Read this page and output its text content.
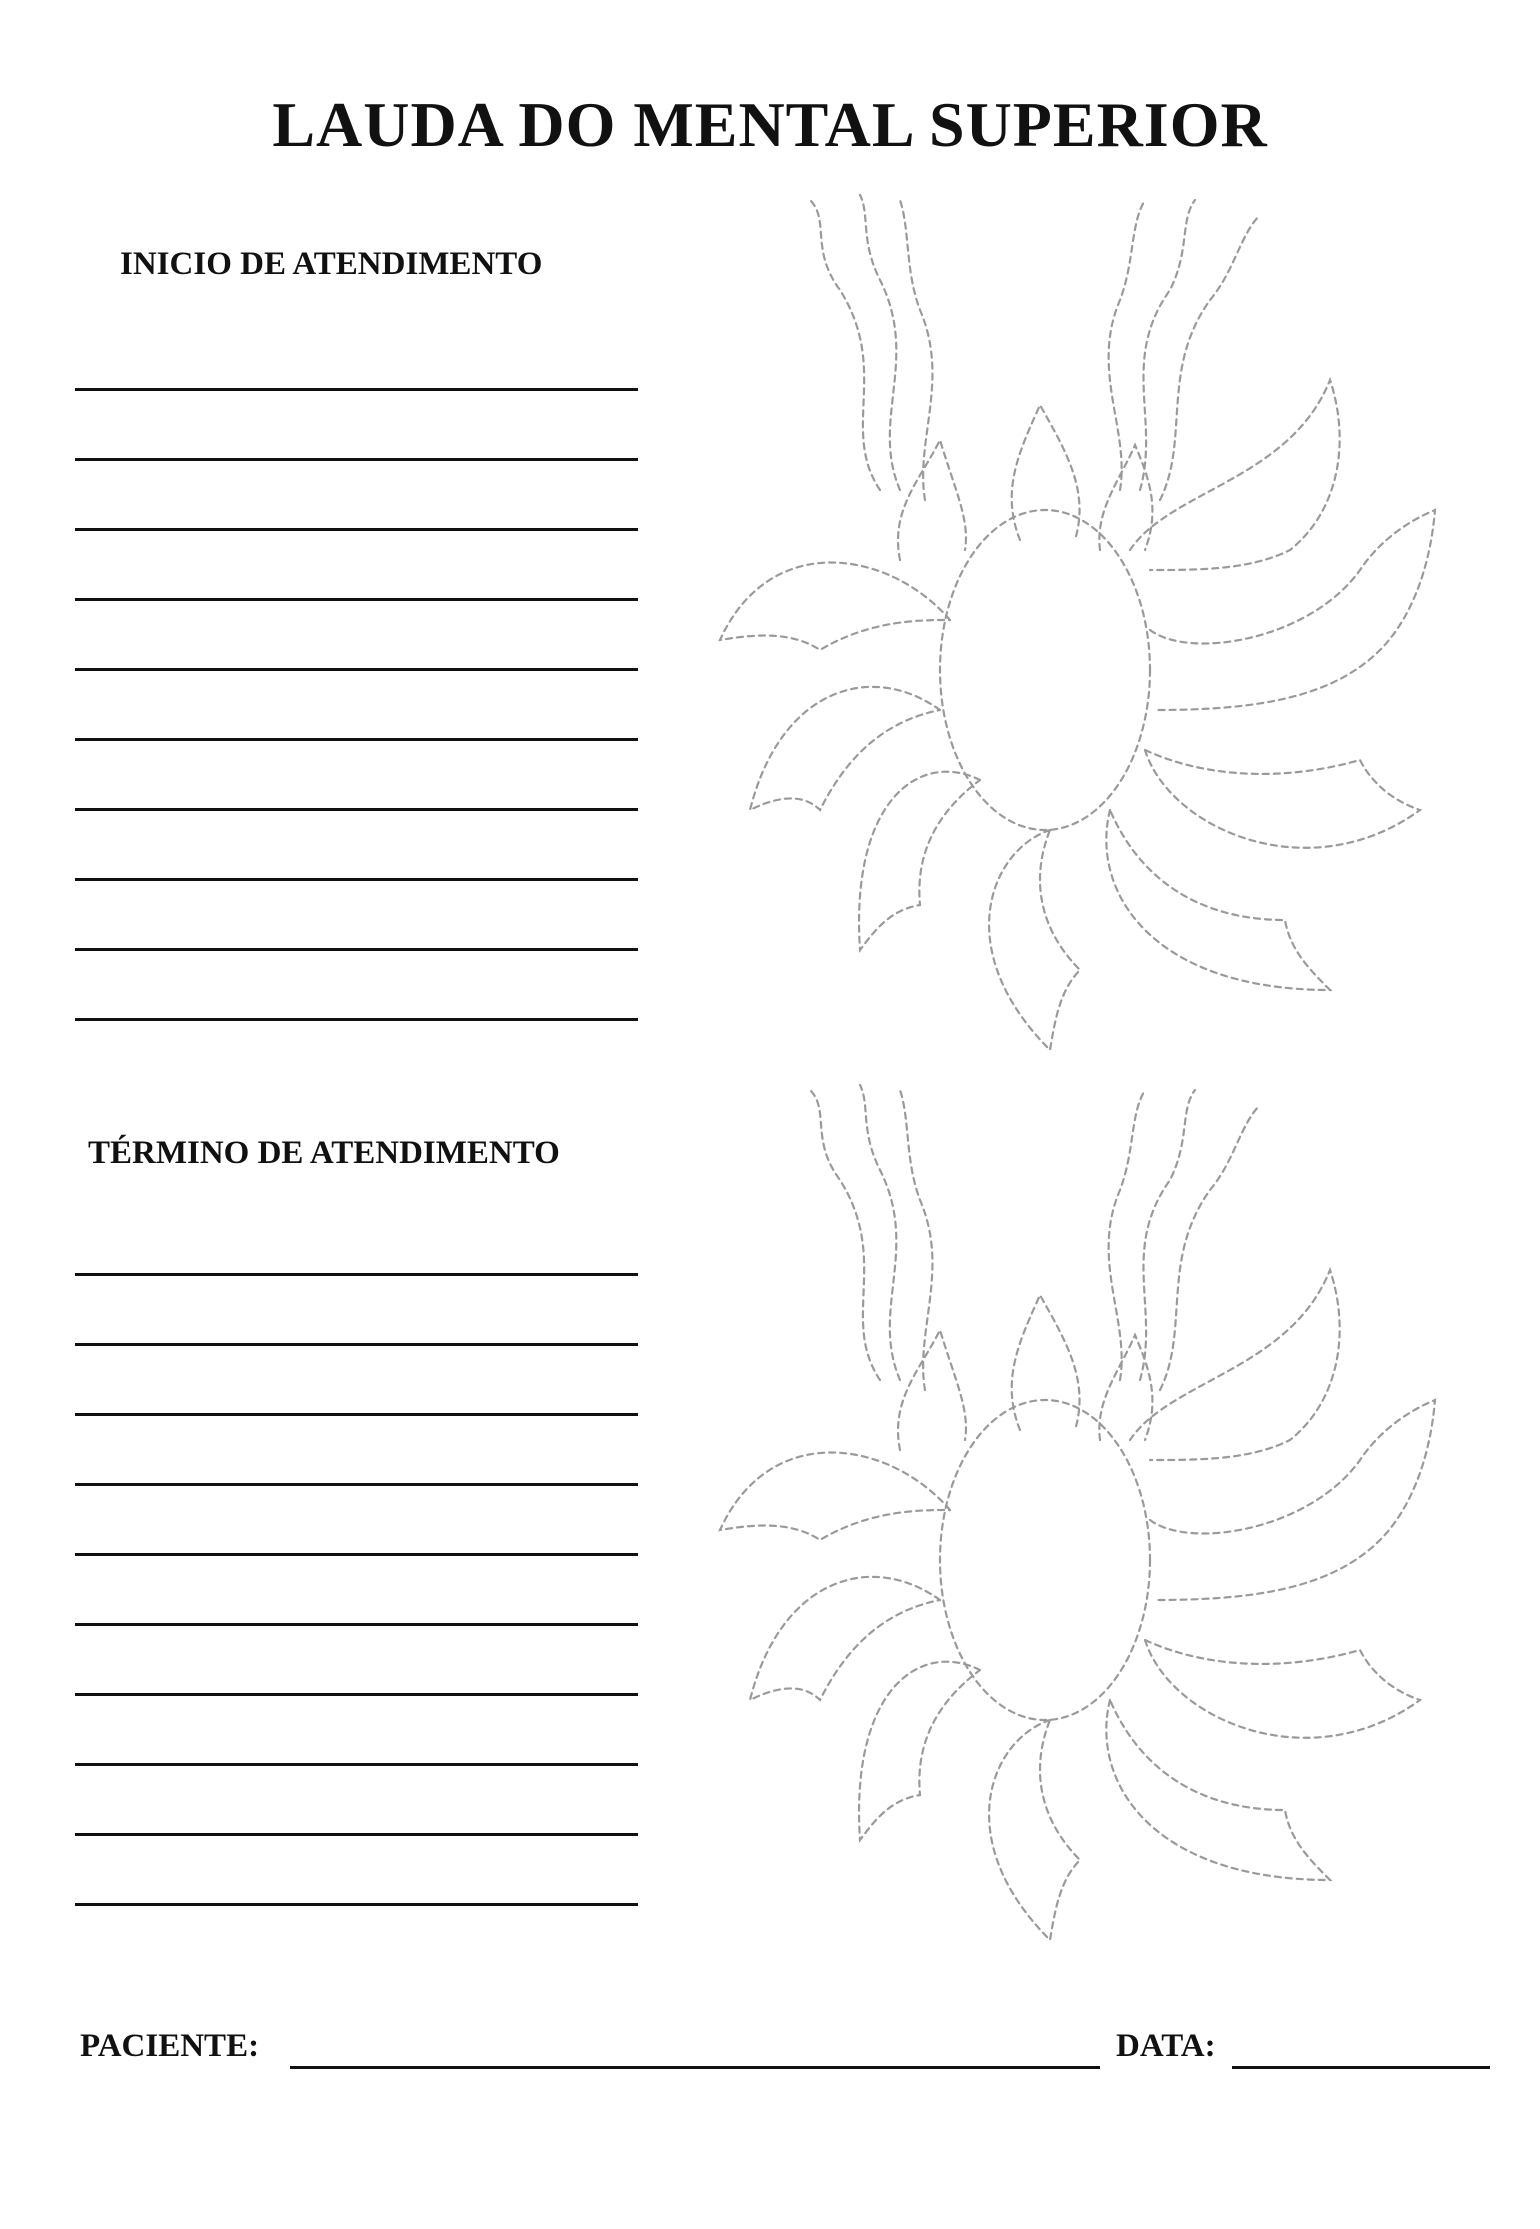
LAUDA DO MENTAL SUPERIOR
INICIO DE ATENDIMENTO
TÉRMINO DE ATENDIMENTO
PACIENTE:	DATA:
